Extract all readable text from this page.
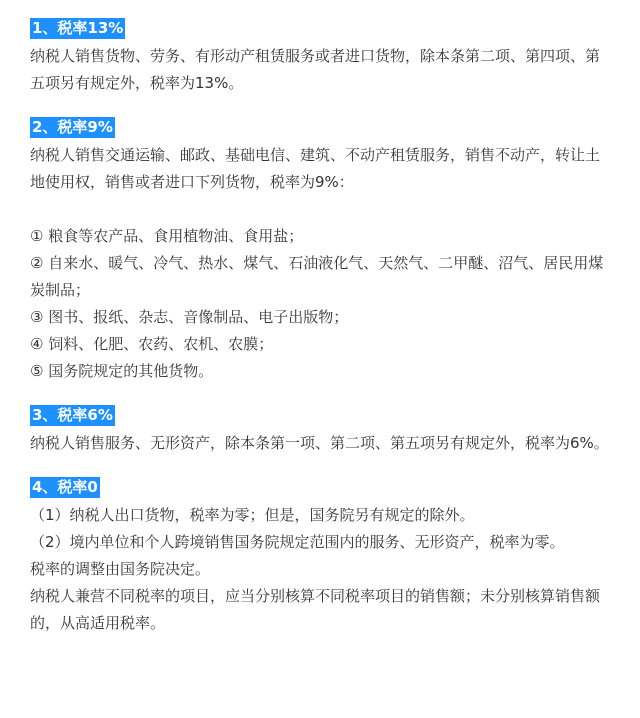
1、税率13%

纳税人销售货物、劳务、有形动产租赁服务或者进口货物，除本条第二项、第四项、第五项另有规定外，税率为13%。

2、税率9%

纳税人销售交通运输、邮政、基础电信、建筑、不动产租赁服务，销售不动产，转让土地使用权，销售或者进口下列货物，税率为9%：

① 粮食等农产品、食用植物油、食用盐；

② 自来水、暖气、冷气、热水、煤气、石油液化气、天然气、二甲醚、沼气、居民用煤炭制品；

③ 图书、报纸、杂志、音像制品、电子出版物；

④ 饲料、化肥、农药、农机、农膜；

⑤ 国务院规定的其他货物。

3、税率6%

纳税人销售服务、无形资产，除本条第一项、第二项、第五项另有规定外，税率为6%。

4、税率0

（1）纳税人出口货物，税率为零；但是，国务院另有规定的除外。

（2）境内单位和个人跨境销售国务院规定范围内的服务、无形资产，税率为零。

税率的调整由国务院决定。

纳税人兼营不同税率的项目，应当分别核算不同税率项目的销售额；未分别核算销售额的，从高适用税率。
